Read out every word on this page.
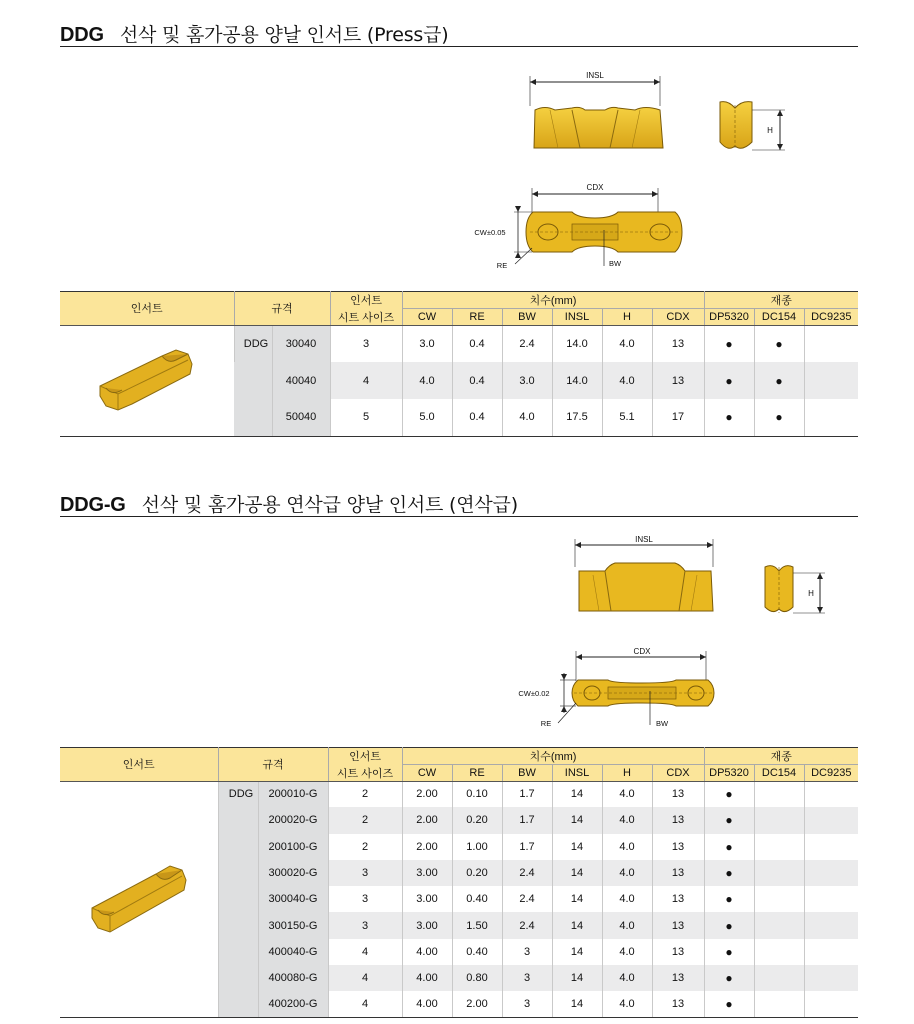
DDG 선삭 및 홈가공용 양날 인서트 (Press급)
INSL
H
CDX
CW±0.05
RE	BW
인서트	규격		인서트	치수(mm)						재종		
			시트 사이즈	CW	RE	BW	INSL	H	CDX	DP5320	DC154	DC9235
	DDG	30040	3	3.0	0.4	2.4	14.0	4.0	13	●	●	
		40040	4	4.0	0.4	3.0	14.0	4.0	13	●	●	
		50040	5	5.0	0.4	4.0	17.5	5.1	17	●	●	
DDG-G 선삭 및 홈가공용 연삭급 양날 인서트 (연삭급)
INSL
H
CDX
CW±0.02
RE	BW
인서트	규격		인서트	치수(mm)						재종		
			시트 사이즈	CW	RE	BW	INSL	H	CDX	DP5320	DC154	DC9235
	DDG	200010-G	2	2.00	0.10	1.7	14	4.0	13	●		
		200020-G	2	2.00	0.20	1.7	14	4.0	13	●		
		200100-G	2	2.00	1.00	1.7	14	4.0	13	●		
		300020-G	3	3.00	0.20	2.4	14	4.0	13	●		
		300040-G	3	3.00	0.40	2.4	14	4.0	13	●		
		300150-G	3	3.00	1.50	2.4	14	4.0	13	●		
		400040-G	4	4.00	0.40	3	14	4.0	13	●		
		400080-G	4	4.00	0.80	3	14	4.0	13	●		
		400200-G	4	4.00	2.00	3	14	4.0	13	●		
